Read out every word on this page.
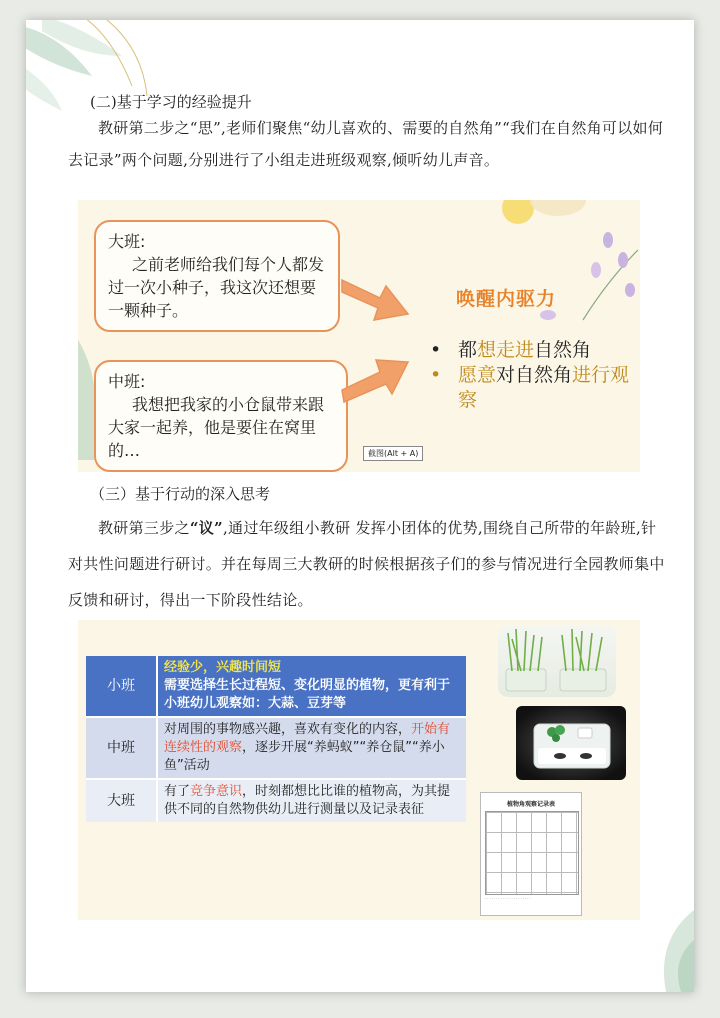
(二)基于学习的经验提升

教研第二步之“思”,老师们聚焦“幼儿喜欢的、需要的自然角”“我们在自然角可以如何去记录”两个问题,分别进行了小组走进班级观察,倾听幼儿声音。

大班:
之前老师给我们每个人都发过一次小种子，我这次还想要一颗种子。
中班:
我想把我家的小仓鼠带来跟大家一起养，他是要住在窝里的…
唤醒内驱力
• 都想走进自然角
• 愿意对自然角进行观察
截图(Alt + A)

（三）基于行动的深入思考

教研第三步之“议”,通过年级组小教研 发挥小团体的优势,围绕自己所带的年龄班,针对共性问题进行研讨。并在每周三大教研的时候根据孩子们的参与情况进行全园教师集中反馈和研讨，得出一下阶段性结论。

小班	经验少，兴趣时间短
需要选择生长过程短、变化明显的植物，更有利于小班幼儿观察如：大蒜、豆芽等
中班	对周围的事物感兴趣，喜欢有变化的内容，开始有连续性的观察，逐步开展“养蚂蚁”“养仓鼠”“养小鱼”活动
大班	有了竞争意识，时刻都想比比谁的植物高，为其提供不同的自然物供幼儿进行测量以及记录表征	植物角观察记录表
· · · · · · · · · · · · · · · · · · · · ·
